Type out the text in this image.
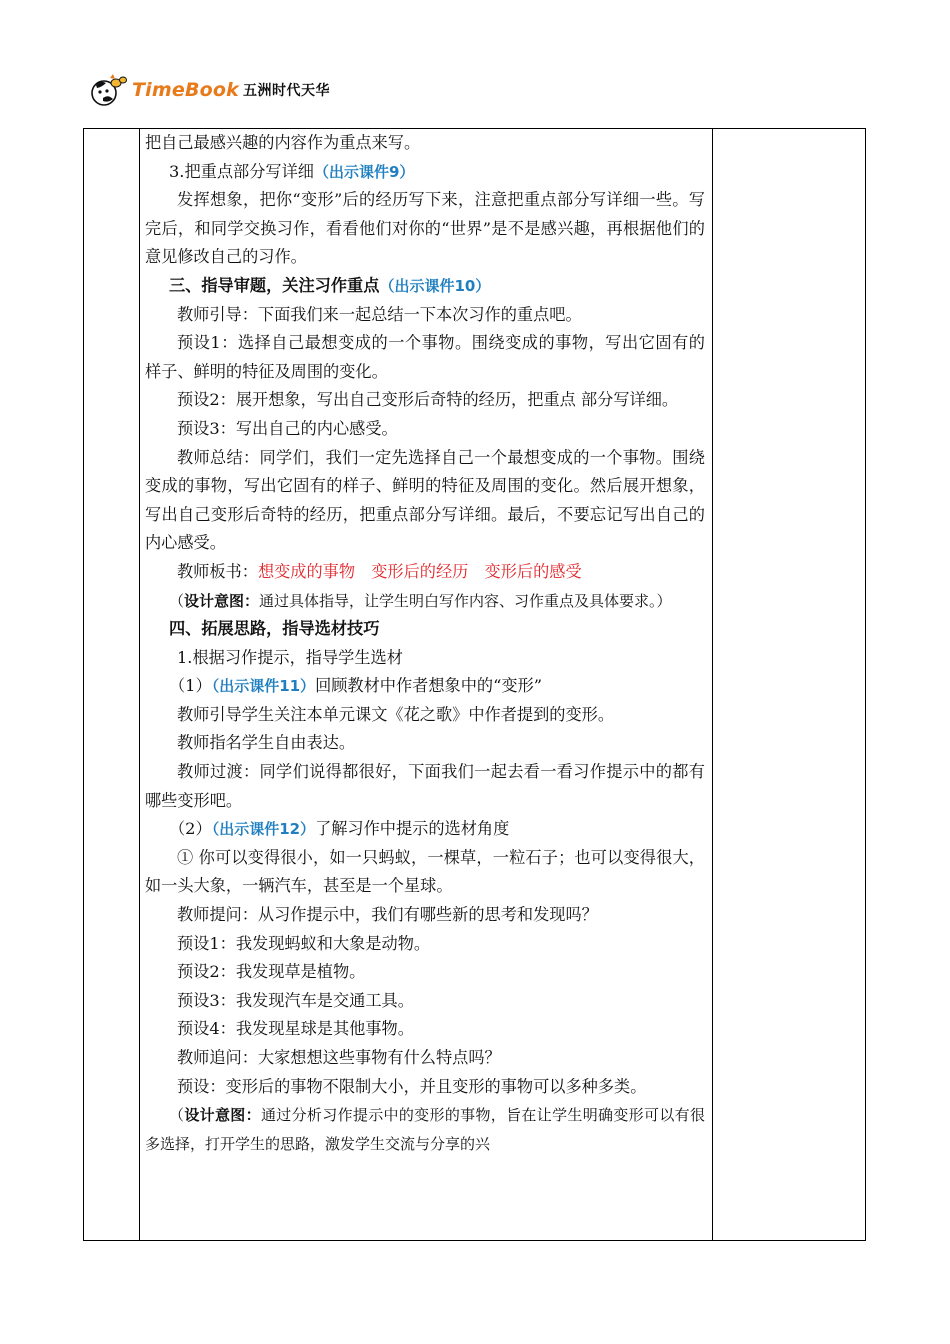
TimeBook 五洲时代天华

把自己最感兴趣的内容作为重点来写。

3.把重点部分写详细（出示课件9）

发挥想象，把你“变形”后的经历写下来，注意把重点部分写详细一些。写完后，和同学交换习作，看看他们对你的“世界”是不是感兴趣，再根据他们的意见修改自己的习作。

三、指导审题，关注习作重点（出示课件10）

教师引导：下面我们来一起总结一下本次习作的重点吧。

预设1：选择自己最想变成的一个事物。围绕变成的事物，写出它固有的样子、鲜明的特征及周围的变化。

预设2：展开想象，写出自己变形后奇特的经历，把重点 部分写详细。

预设3：写出自己的内心感受。

教师总结：同学们，我们一定先选择自己一个最想变成的一个事物。围绕变成的事物，写出它固有的样子、鲜明的特征及周围的变化。然后展开想象，写出自己变形后奇特的经历，把重点部分写详细。最后，不要忘记写出自己的内心感受。

教师板书：想变成的事物　变形后的经历　变形后的感受

（设计意图：通过具体指导，让学生明白写作内容、习作重点及具体要求。）

四、拓展思路，指导选材技巧

1.根据习作提示，指导学生选材

（1）（出示课件11）回顾教材中作者想象中的“变形”

教师引导学生关注本单元课文《花之歌》中作者提到的变形。

教师指名学生自由表达。

教师过渡：同学们说得都很好，下面我们一起去看一看习作提示中的都有哪些变形吧。

（2）（出示课件12）了解习作中提示的选材角度

① 你可以变得很小，如一只蚂蚁，一棵草，一粒石子；也可以变得很大，如一头大象，一辆汽车，甚至是一个星球。

教师提问：从习作提示中，我们有哪些新的思考和发现吗？

预设1：我发现蚂蚁和大象是动物。

预设2：我发现草是植物。

预设3：我发现汽车是交通工具。

预设4：我发现星球是其他事物。

教师追问：大家想想这些事物有什么特点吗？

预设：变形后的事物不限制大小，并且变形的事物可以多种多类。

（设计意图：通过分析习作提示中的变形的事物，旨在让学生明确变形可以有很多选择，打开学生的思路，激发学生交流与分享的兴
